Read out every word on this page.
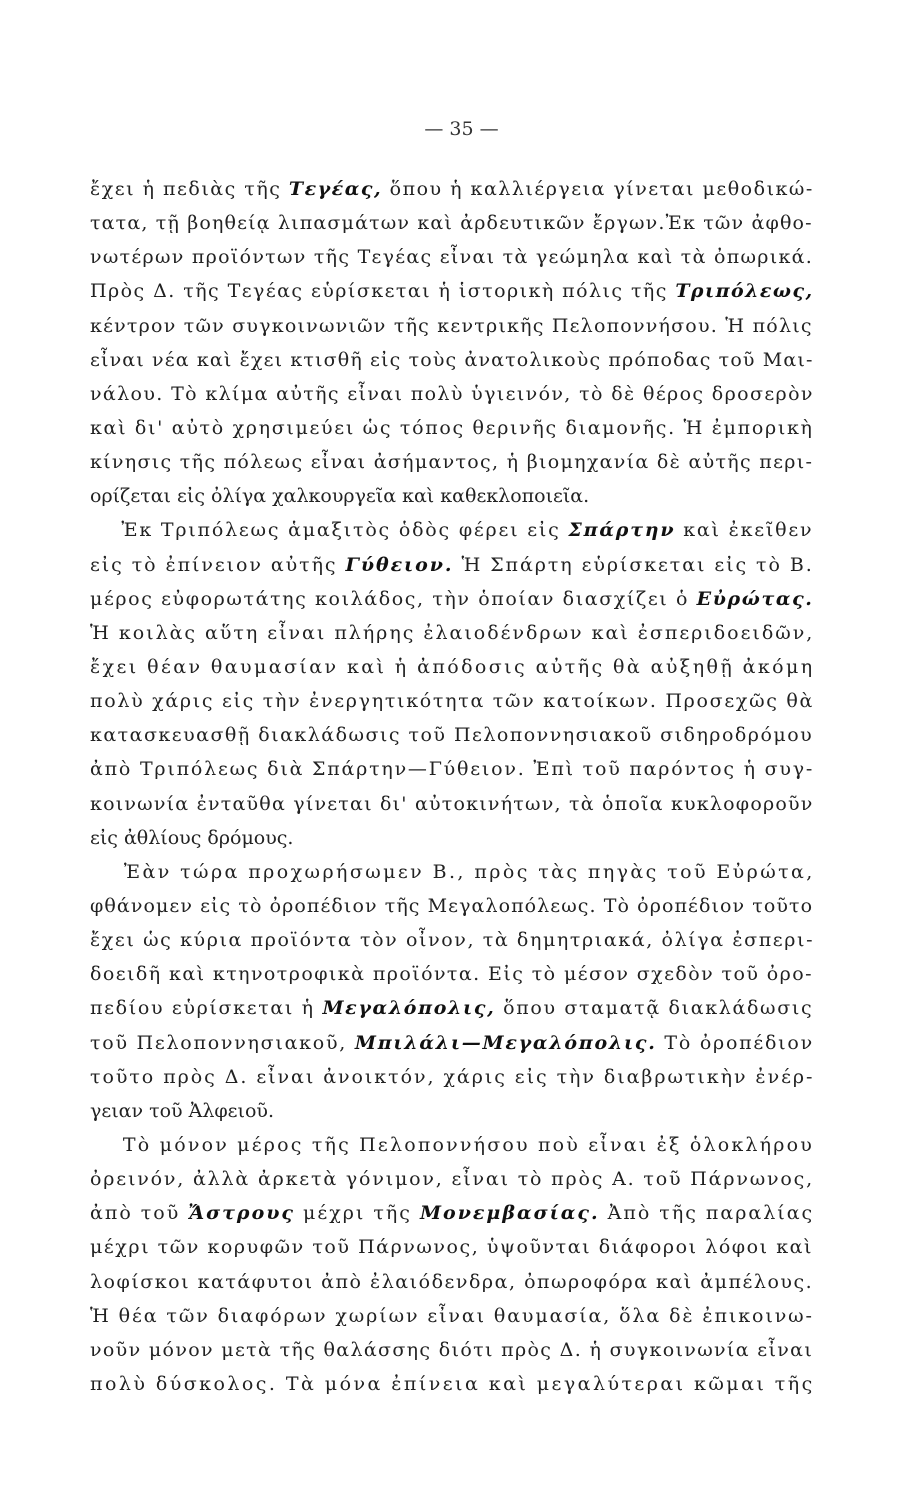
— 35 —
ἔχει ἡ πεδιὰς τῆς Τεγέας, ὅπου ἡ καλλιέργεια γίνεται μεθοδικώ-
τατα, τῇ βοηθείᾳ λιπασμάτων καὶ ἀρδευτικῶν ἔργων.Ἐκ τῶν ἀφθο-
νωτέρων προϊόντων τῆς Τεγέας εἶναι τὰ γεώμηλα καὶ τὰ ὀπωρικά.
Πρὸς Δ. τῆς Τεγέας εὑρίσκεται ἡ ἱστορικὴ πόλις τῆς Τριπόλεως,
κέντρον τῶν συγκοινωνιῶν τῆς κεντρικῆς Πελοποννήσου. Ἡ πόλις
εἶναι νέα καὶ ἔχει κτισθῆ εἰς τοὺς ἀνατολικοὺς πρόποδας τοῦ Μαι-
νάλου. Τὸ κλίμα αὐτῆς εἶναι πολὺ ὑγιεινόν, τὸ δὲ θέρος δροσερὸν
καὶ δι' αὐτὸ χρησιμεύει ὡς τόπος θερινῆς διαμονῆς. Ἡ ἐμπορικὴ
κίνησις τῆς πόλεως εἶναι ἀσήμαντος, ἡ βιομηχανία δὲ αὐτῆς περι-
ορίζεται εἰς ὀλίγα χαλκουργεῖα καὶ καθεκλοποιεῖα.
Ἐκ Τριπόλεως ἁμαξιτὸς ὁδὸς φέρει εἰς Σπάρτην καὶ ἐκεῖθεν
εἰς τὸ ἐπίνειον αὐτῆς Γύθειον. Ἡ Σπάρτη εὑρίσκεται εἰς τὸ Β.
μέρος εὐφορωτάτης κοιλάδος, τὴν ὁποίαν διασχίζει ὁ Εὐρώτας.
Ἡ κοιλὰς αὕτη εἶναι πλήρης ἐλαιοδένδρων καὶ ἐσπεριδοειδῶν,
ἔχει θέαν θαυμασίαν καὶ ἡ ἀπόδοσις αὐτῆς θὰ αὐξηθῇ ἀκόμη
πολὺ χάρις εἰς τὴν ἐνεργητικότητα τῶν κατοίκων. Προσεχῶς θὰ
κατασκευασθῇ διακλάδωσις τοῦ Πελοποννησιακοῦ σιδηροδρόμου
ἀπὸ Τριπόλεως διὰ Σπάρτην—Γύθειον. Ἐπὶ τοῦ παρόντος ἡ συγ-
κοινωνία ἐνταῦθα γίνεται δι' αὐτοκινήτων, τὰ ὁποῖα κυκλοφοροῦν
εἰς ἀθλίους δρόμους.
Ἐὰν τώρα προχωρήσωμεν Β., πρὸς τὰς πηγὰς τοῦ Εὐρώτα,
φθάνομεν εἰς τὸ ὀροπέδιον τῆς Μεγαλοπόλεως. Τὸ ὀροπέδιον τοῦτο
ἔχει ὡς κύρια προϊόντα τὸν οἶνον, τὰ δημητριακά, ὀλίγα ἐσπερι-
δοειδῆ καὶ κτηνοτροφικὰ προϊόντα. Εἰς τὸ μέσον σχεδὸν τοῦ ὀρο-
πεδίου εὑρίσκεται ἡ Μεγαλόπολις, ὅπου σταματᾷ διακλάδωσις
τοῦ Πελοποννησιακοῦ, Μπιλάλι—Μεγαλόπολις. Τὸ ὀροπέδιον
τοῦτο πρὸς Δ. εἶναι ἀνοικτόν, χάρις εἰς τὴν διαβρωτικὴν ἐνέρ-
γειαν τοῦ Ἀλφειοῦ.
Τὸ μόνον μέρος τῆς Πελοποννήσου ποὺ εἶναι ἐξ ὁλοκλήρου
ὀρεινόν, ἀλλὰ ἀρκετὰ γόνιμον, εἶναι τὸ πρὸς Α. τοῦ Πάρνωνος,
ἀπὸ τοῦ Ἄστρους μέχρι τῆς Μονεμβασίας. Ἀπὸ τῆς παραλίας
μέχρι τῶν κορυφῶν τοῦ Πάρνωνος, ὑψοῦνται διάφοροι λόφοι καὶ
λοφίσκοι κατάφυτοι ἀπὸ ἐλαιόδενδρα, ὀπωροφόρα καὶ ἀμπέλους.
Ἡ θέα τῶν διαφόρων χωρίων εἶναι θαυμασία, ὅλα δὲ ἐπικοινω-
νοῦν μόνον μετὰ τῆς θαλάσσης διότι πρὸς Δ. ἡ συγκοινωνία εἶναι
πολὺ δύσκολος. Τὰ μόνα ἐπίνεια καὶ μεγαλύτεραι κῶμαι τῆς
